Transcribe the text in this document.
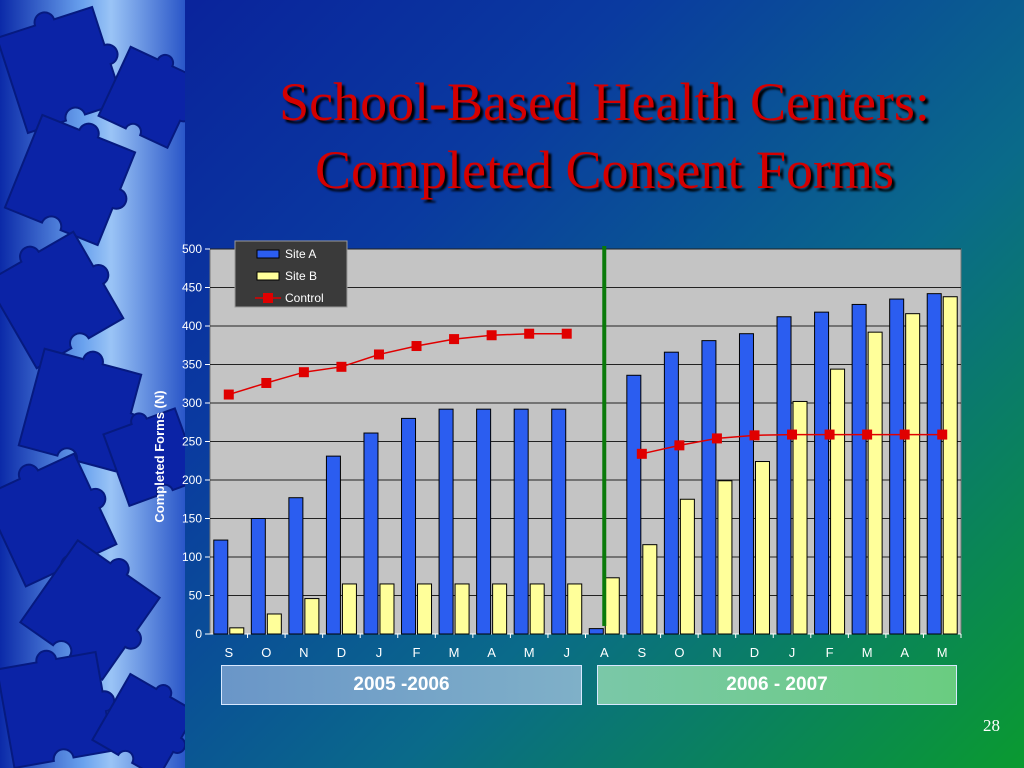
School-Based Health Centers:
Completed Consent Forms
0
50
100
150
200
250
300
350
400
450
500
S O N D J F M A M J A S O N D J F M A M
Completed Forms (N)
Site A
Site B
Control
2005 -2006	2006 - 2007
28
